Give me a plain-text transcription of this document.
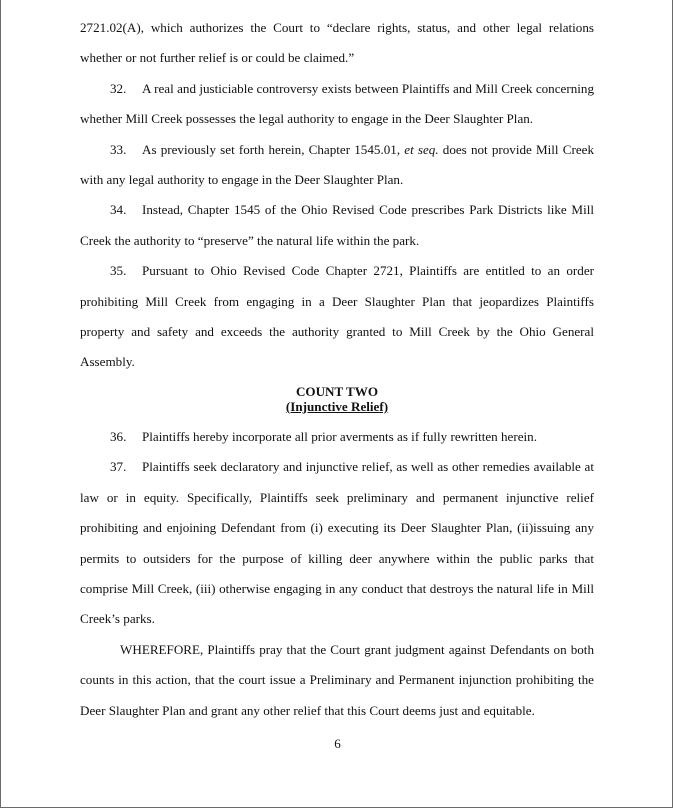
2721.02(A), which authorizes the Court to “declare rights, status, and other legal relations whether or not further relief is or could be claimed.”

32. A real and justiciable controversy exists between Plaintiffs and Mill Creek concerning whether Mill Creek possesses the legal authority to engage in the Deer Slaughter Plan.

33. As previously set forth herein, Chapter 1545.01, et seq. does not provide Mill Creek with any legal authority to engage in the Deer Slaughter Plan.

34. Instead, Chapter 1545 of the Ohio Revised Code prescribes Park Districts like Mill Creek the authority to “preserve” the natural life within the park.

35. Pursuant to Ohio Revised Code Chapter 2721, Plaintiffs are entitled to an order prohibiting Mill Creek from engaging in a Deer Slaughter Plan that jeopardizes Plaintiffs property and safety and exceeds the authority granted to Mill Creek by the Ohio General Assembly.

COUNT TWO
(Injunctive Relief)

36. Plaintiffs hereby incorporate all prior averments as if fully rewritten herein.

37. Plaintiffs seek declaratory and injunctive relief, as well as other remedies available at law or in equity. Specifically, Plaintiffs seek preliminary and permanent injunctive relief prohibiting and enjoining Defendant from (i) executing its Deer Slaughter Plan, (ii)issuing any permits to outsiders for the purpose of killing deer anywhere within the public parks that comprise Mill Creek, (iii) otherwise engaging in any conduct that destroys the natural life in Mill Creek’s parks.

WHEREFORE, Plaintiffs pray that the Court grant judgment against Defendants on both counts in this action, that the court issue a Preliminary and Permanent injunction prohibiting the Deer Slaughter Plan and grant any other relief that this Court deems just and equitable.

6
